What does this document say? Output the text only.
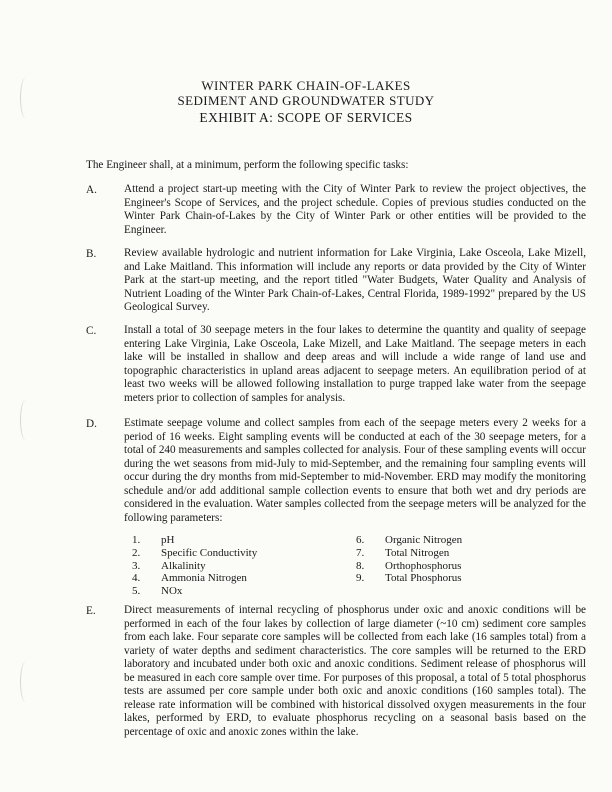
WINTER PARK CHAIN-OF-LAKES
SEDIMENT AND GROUNDWATER STUDY
EXHIBIT A: SCOPE OF SERVICES
The Engineer shall, at a minimum, perform the following specific tasks:
A. Attend a project start-up meeting with the City of Winter Park to review the project objectives, the Engineer's Scope of Services, and the project schedule. Copies of previous studies conducted on the Winter Park Chain-of-Lakes by the City of Winter Park or other entities will be provided to the Engineer.
B. Review available hydrologic and nutrient information for Lake Virginia, Lake Osceola, Lake Mizell, and Lake Maitland. This information will include any reports or data provided by the City of Winter Park at the start-up meeting, and the report titled "Water Budgets, Water Quality and Analysis of Nutrient Loading of the Winter Park Chain-of-Lakes, Central Florida, 1989-1992" prepared by the US Geological Survey.
C. Install a total of 30 seepage meters in the four lakes to determine the quantity and quality of seepage entering Lake Virginia, Lake Osceola, Lake Mizell, and Lake Maitland. The seepage meters in each lake will be installed in shallow and deep areas and will include a wide range of land use and topographic characteristics in upland areas adjacent to seepage meters. An equilibration period of at least two weeks will be allowed following installation to purge trapped lake water from the seepage meters prior to collection of samples for analysis.
D. Estimate seepage volume and collect samples from each of the seepage meters every 2 weeks for a period of 16 weeks. Eight sampling events will be conducted at each of the 30 seepage meters, for a total of 240 measurements and samples collected for analysis. Four of these sampling events will occur during the wet seasons from mid-July to mid-September, and the remaining four sampling events will occur during the dry months from mid-September to mid-November. ERD may modify the monitoring schedule and/or add additional sample collection events to ensure that both wet and dry periods are considered in the evaluation. Water samples collected from the seepage meters will be analyzed for the following parameters:
1. pH
2. Specific Conductivity
3. Alkalinity
4. Ammonia Nitrogen
5. NOx
6. Organic Nitrogen
7. Total Nitrogen
8. Orthophosphorus
9. Total Phosphorus
E.	Direct measurements of internal recycling of phosphorus under oxic and anoxic conditions will be performed in each of the four lakes by collection of large diameter (~10 cm) sediment core samples from each lake. Four separate core samples will be collected from each lake (16 samples total) from a variety of water depths and sediment characteristics. The core samples will be returned to the ERD laboratory and incubated under both oxic and anoxic conditions. Sediment release of phosphorus will be measured in each core sample over time. For purposes of this proposal, a total of 5 total phosphorus tests are assumed per core sample under both oxic and anoxic conditions (160 samples total). The release rate information will be combined with historical dissolved oxygen measurements in the four lakes, performed by ERD, to evaluate phosphorus recycling on a seasonal basis based on the percentage of oxic and anoxic zones within the lake.
